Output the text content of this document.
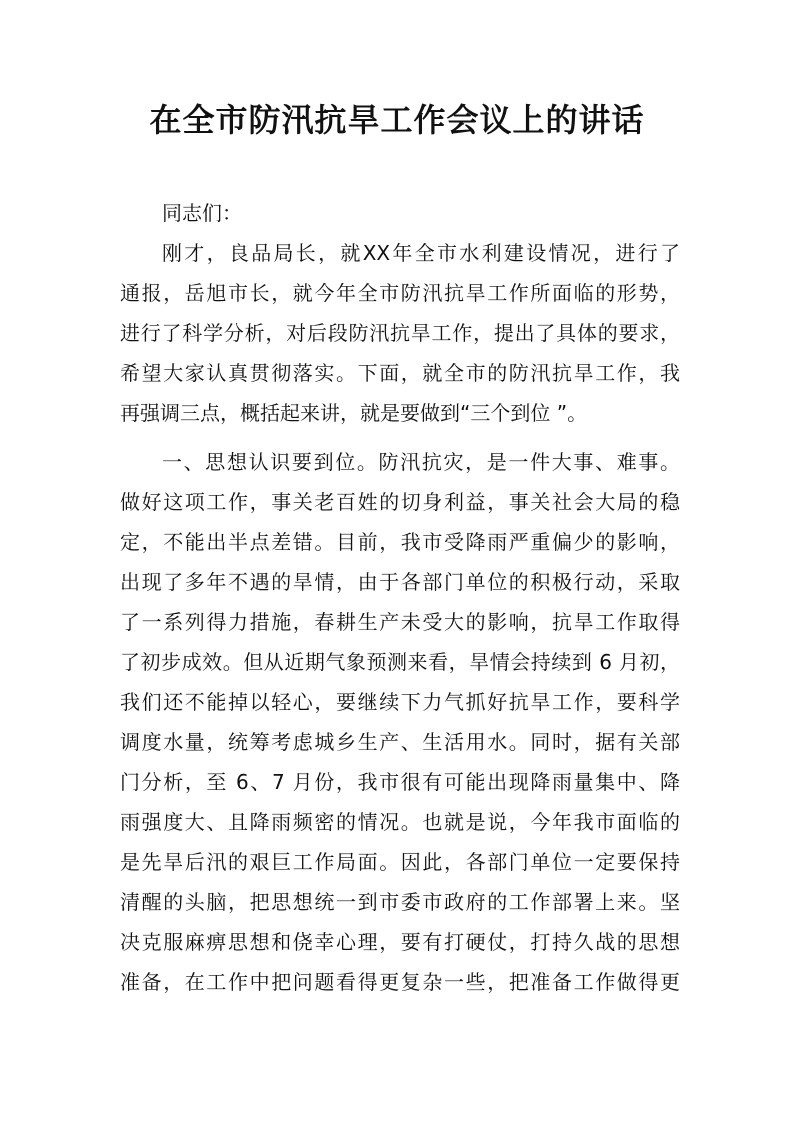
在全市防汛抗旱工作会议上的讲话
同志们：
刚才，良品局长，就XX年全市水利建设情况，进行了
通报，岳旭市长，就今年全市防汛抗旱工作所面临的形势，
进行了科学分析，对后段防汛抗旱工作，提出了具体的要求，
希望大家认真贯彻落实。下面，就全市的防汛抗旱工作，我
再强调三点，概括起来讲，就是要做到“三个到位 ”。
一、思想认识要到位。防汛抗灾，是一件大事、难事。
做好这项工作，事关老百姓的切身利益，事关社会大局的稳
定，不能出半点差错。目前，我市受降雨严重偏少的影响，
出现了多年不遇的旱情，由于各部门单位的积极行动，采取
了一系列得力措施，春耕生产未受大的影响，抗旱工作取得
了初步成效。但从近期气象预测来看，旱情会持续到 6 月初，
我们还不能掉以轻心，要继续下力气抓好抗旱工作，要科学
调度水量，统筹考虑城乡生产、生活用水。同时，据有关部
门分析，至 6、7 月份，我市很有可能出现降雨量集中、降
雨强度大、且降雨频密的情况。也就是说，今年我市面临的
是先旱后汛的艰巨工作局面。因此，各部门单位一定要保持
清醒的头脑，把思想统一到市委市政府的工作部署上来。坚
决克服麻痹思想和侥幸心理，要有打硬仗，打持久战的思想
准备，在工作中把问题看得更复杂一些，把准备工作做得更
